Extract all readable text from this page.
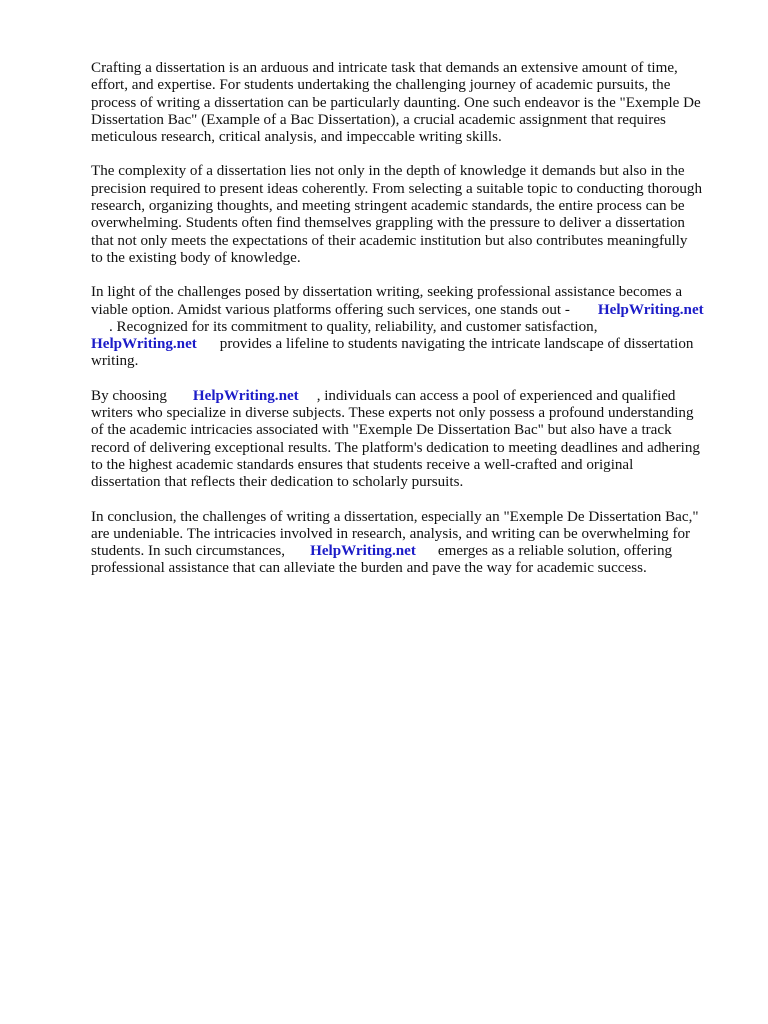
Crafting a dissertation is an arduous and intricate task that demands an extensive amount of time,
effort, and expertise. For students undertaking the challenging journey of academic pursuits, the
process of writing a dissertation can be particularly daunting. One such endeavor is the "Exemple De
Dissertation Bac" (Example of a Bac Dissertation), a crucial academic assignment that requires
meticulous research, critical analysis, and impeccable writing skills.

The complexity of a dissertation lies not only in the depth of knowledge it demands but also in the
precision required to present ideas coherently. From selecting a suitable topic to conducting thorough
research, organizing thoughts, and meeting stringent academic standards, the entire process can be
overwhelming. Students often find themselves grappling with the pressure to deliver a dissertation
that not only meets the expectations of their academic institution but also contributes meaningfully
to the existing body of knowledge.

In light of the challenges posed by dissertation writing, seeking professional assistance becomes a
viable option. Amidst various platforms offering such services, one stands out - HelpWriting.net
. Recognized for its commitment to quality, reliability, and customer satisfaction,
HelpWriting.net provides a lifeline to students navigating the intricate landscape of dissertation
writing.

By choosing HelpWriting.net , individuals can access a pool of experienced and qualified
writers who specialize in diverse subjects. These experts not only possess a profound understanding
of the academic intricacies associated with "Exemple De Dissertation Bac" but also have a track
record of delivering exceptional results. The platform's dedication to meeting deadlines and adhering
to the highest academic standards ensures that students receive a well-crafted and original
dissertation that reflects their dedication to scholarly pursuits.

In conclusion, the challenges of writing a dissertation, especially an "Exemple De Dissertation Bac,"
are undeniable. The intricacies involved in research, analysis, and writing can be overwhelming for
students. In such circumstances, HelpWriting.net emerges as a reliable solution, offering
professional assistance that can alleviate the burden and pave the way for academic success.
